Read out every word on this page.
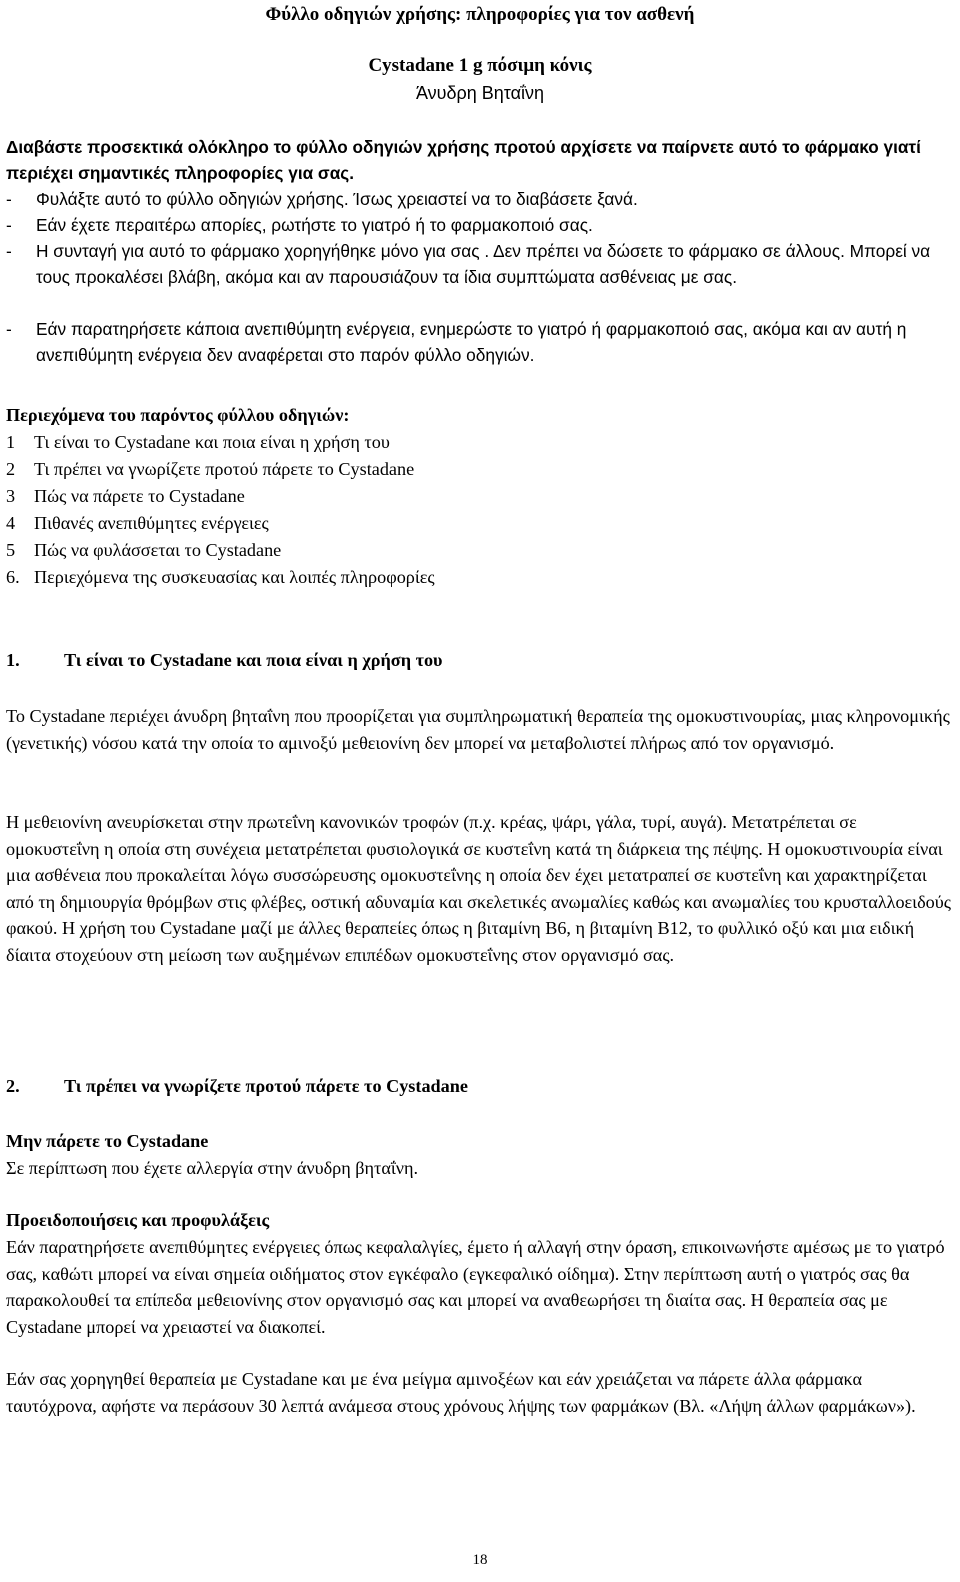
Φύλλο οδηγιών χρήσης: πληροφορίες για τον ασθενή
Cystadane 1 g πόσιμη κόνις
Άνυδρη Βηταΐνη
Διαβάστε προσεκτικά ολόκληρο το φύλλο οδηγιών χρήσης προτού αρχίσετε να παίρνετε αυτό το φάρμακο γιατί περιέχει σημαντικές πληροφορίες για σας.
- Φυλάξτε αυτό το φύλλο οδηγιών χρήσης. Ίσως χρειαστεί να το διαβάσετε ξανά.
- Εάν έχετε περαιτέρω απορίες, ρωτήστε το γιατρό ή το φαρμακοποιό σας.
- Η συνταγή για αυτό το φάρμακο χορηγήθηκε μόνο για σας . Δεν πρέπει να δώσετε το φάρμακο σε άλλους. Μπορεί να τους προκαλέσει βλάβη, ακόμα και αν παρουσιάζουν τα ίδια συμπτώματα ασθένειας με σας.
- Εάν παρατηρήσετε κάποια ανεπιθύμητη ενέργεια, ενημερώστε το γιατρό ή φαρμακοποιό σας, ακόμα και αν αυτή η ανεπιθύμητη ενέργεια δεν αναφέρεται στο παρόν φύλλο οδηγιών.
Περιεχόμενα του παρόντος φύλλου οδηγιών:
1 Τι είναι το Cystadane και ποια είναι η χρήση του
2 Τι πρέπει να γνωρίζετε προτού πάρετε το Cystadane
3 Πώς να πάρετε το Cystadane
4 Πιθανές ανεπιθύμητες ενέργειες
5 Πώς να φυλάσσεται το Cystadane
6. Περιεχόμενα της συσκευασίας και λοιπές πληροφορίες
1. Τι είναι το Cystadane και ποια είναι η χρήση του
Το Cystadane περιέχει άνυδρη βηταΐνη που προορίζεται για συμπληρωματική θεραπεία της ομοκυστινουρίας, μιας κληρονομικής (γενετικής) νόσου κατά την οποία το αμινοξύ μεθειονίνη δεν μπορεί να μεταβολιστεί πλήρως από τον οργανισμό.
Η μεθειονίνη ανευρίσκεται στην πρωτεΐνη κανονικών τροφών (π.χ. κρέας, ψάρι, γάλα, τυρί, αυγά). Μετατρέπεται σε ομοκυστεΐνη η οποία στη συνέχεια μετατρέπεται φυσιολογικά σε κυστεΐνη κατά τη διάρκεια της πέψης. Η ομοκυστινουρία είναι μια ασθένεια που προκαλείται λόγω συσσώρευσης ομοκυστεΐνης η οποία δεν έχει μετατραπεί σε κυστεΐνη και χαρακτηρίζεται από τη δημιουργία θρόμβων στις φλέβες, οστική αδυναμία και σκελετικές ανωμαλίες καθώς και ανωμαλίες του κρυσταλλοειδούς φακού. Η χρήση του Cystadane μαζί με άλλες θεραπείες όπως η βιταμίνη B6, η βιταμίνη B12, το φυλλικό οξύ και μια ειδική δίαιτα στοχεύουν στη μείωση των αυξημένων επιπέδων ομοκυστεΐνης στον οργανισμό σας.
2. Τι πρέπει να γνωρίζετε προτού πάρετε το Cystadane
Μην πάρετε το Cystadane
Σε περίπτωση που έχετε αλλεργία στην άνυδρη βηταΐνη.
Προειδοποιήσεις και προφυλάξεις
Εάν παρατηρήσετε ανεπιθύμητες ενέργειες όπως κεφαλαλγίες, έμετο ή αλλαγή στην όραση, επικοινωνήστε αμέσως με το γιατρό σας, καθώτι μπορεί να είναι σημεία οιδήματος στον εγκέφαλο (εγκεφαλικό οίδημα). Στην περίπτωση αυτή ο γιατρός σας θα παρακολουθεί τα επίπεδα μεθειονίνης στον οργανισμό σας και μπορεί να αναθεωρήσει τη διαίτα σας. Η θεραπεία σας με Cystadane μπορεί να χρειαστεί να διακοπεί.
Εάν σας χορηγηθεί θεραπεία με Cystadane και με ένα μείγμα αμινοξέων και εάν χρειάζεται να πάρετε άλλα φάρμακα ταυτόχρονα, αφήστε να περάσουν 30 λεπτά ανάμεσα στους χρόνους λήψης των φαρμάκων (Βλ. «Λήψη άλλων φαρμάκων»).
18
